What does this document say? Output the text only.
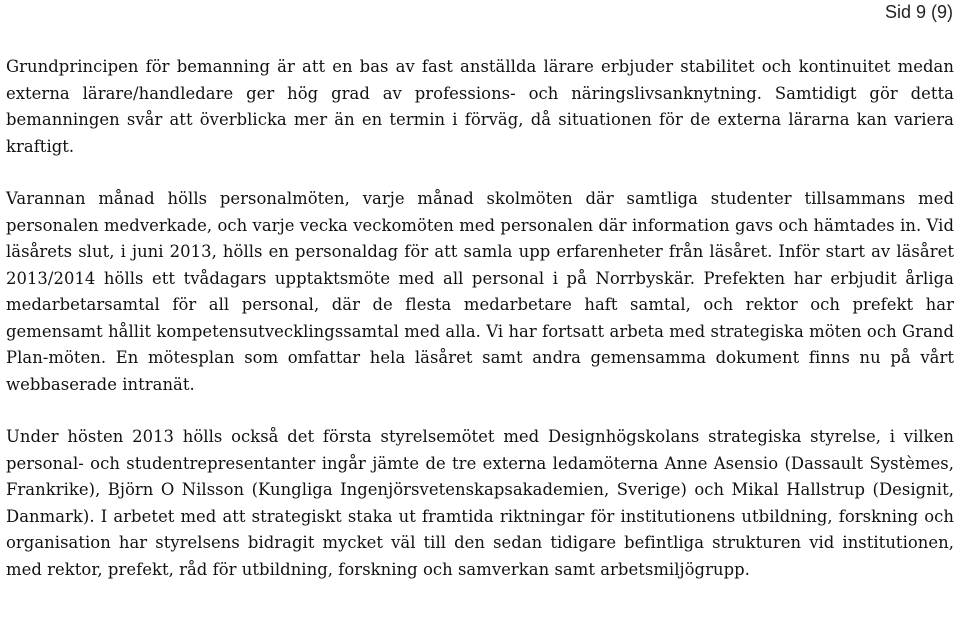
Sid 9 (9)

Grundprincipen för bemanning är att en bas av fast anställda lärare erbjuder stabilitet och kontinuitet medan externa lärare/handledare ger hög grad av professions- och näringslivsanknytning. Samtidigt gör detta bemanningen svår att överblicka mer än en termin i förväg, då situationen för de externa lärarna kan variera kraftigt.

Varannan månad hölls personalmöten, varje månad skolmöten där samtliga studenter tillsammans med personalen medverkade, och varje vecka veckomöten med personalen där information gavs och hämtades in. Vid läsårets slut, i juni 2013, hölls en personaldag för att samla upp erfarenheter från läsåret. Inför start av läsåret 2013/2014 hölls ett tvådagars upptaktsmöte med all personal i på Norrbyskär. Prefekten har erbjudit årliga medarbetarsamtal för all personal, där de flesta medarbetare haft samtal, och rektor och prefekt har gemensamt hållit kompetensutvecklingssamtal med alla. Vi har fortsatt arbeta med strategiska möten och Grand Plan-möten. En mötesplan som omfattar hela läsåret samt andra gemensamma dokument finns nu på vårt webbaserade intranät.

Under hösten 2013 hölls också det första styrelsemötet med Designhögskolans strategiska styrelse, i vilken personal- och studentrepresentanter ingår jämte de tre externa ledamöterna Anne Asensio (Dassault Systèmes, Frankrike), Björn O Nilsson (Kungliga Ingenjörsvetenskapsakademien, Sverige) och Mikal Hallstrup (Designit, Danmark). I arbetet med att strategiskt staka ut framtida riktningar för institutionens utbildning, forskning och organisation har styrelsens bidragit mycket väl till den sedan tidigare befintliga strukturen vid institutionen, med rektor, prefekt, råd för utbildning, forskning och samverkan samt arbetsmiljögrupp.
